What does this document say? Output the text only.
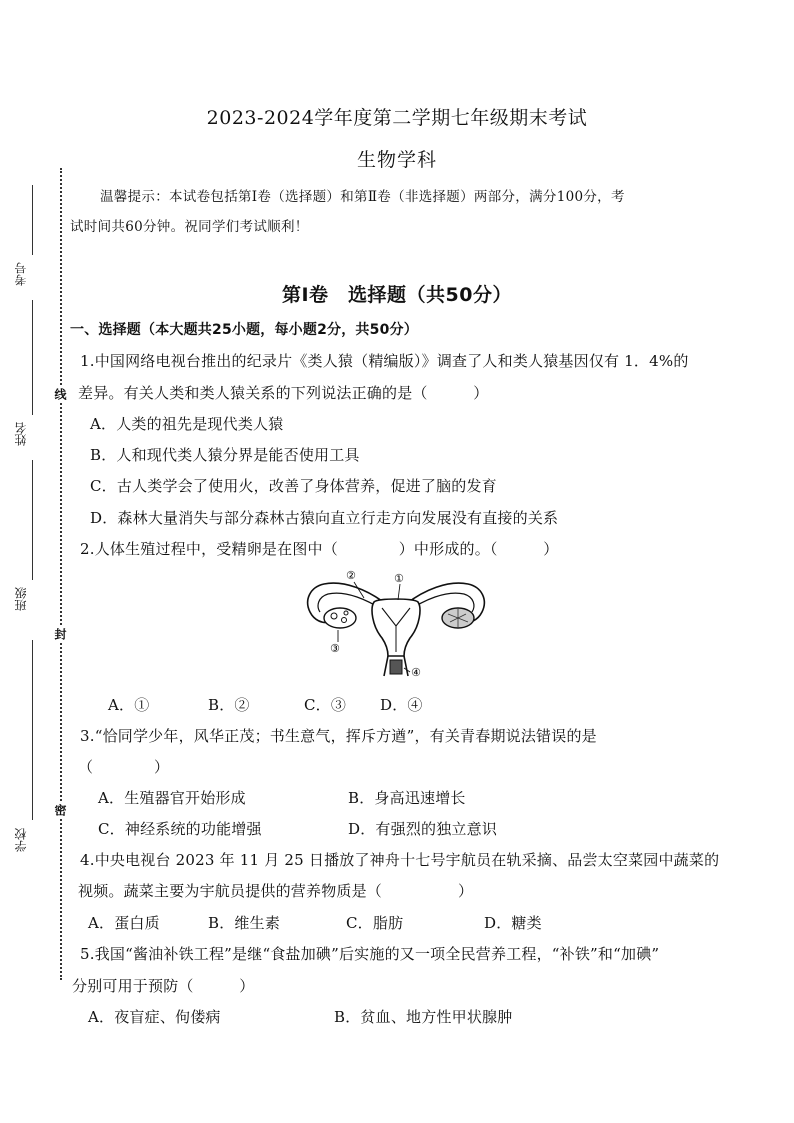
考号
姓名
班级
学校
线
封
密
2023-2024学年度第二学期七年级期末考试
生物学科
温馨提示：本试卷包括第Ⅰ卷（选择题）和第Ⅱ卷（非选择题）两部分，满分100分，考
试时间共60分钟。祝同学们考试顺利！
第Ⅰ卷　选择题（共50分）
一、选择题（本大题共25小题，每小题2分，共50分）
1.中国网络电视台推出的纪录片《类人猿（精编版）》调查了人和类人猿基因仅有 1．4%的
差异。有关人类和类人猿关系的下列说法正确的是（　　　）
A．人类的祖先是现代类人猿
B．人和现代类人猿分界是能否使用工具
C．古人类学会了使用火，改善了身体营养，促进了脑的发育
D．森林大量消失与部分森林古猿向直立行走方向发展没有直接的关系
2.人体生殖过程中，受精卵是在图中（　　　　）中形成的。（　　　）
①
②
③
④
A．①	B．②	C．③ D．④
3.“恰同学少年，风华正茂；书生意气，挥斥方遒”，有关青春期说法错误的是
（　　　　）
A．生殖器官开始形成	B．身高迅速增长
C．神经系统的功能增强	D．有强烈的独立意识
4.中央电视台 2023 年 11 月 25 日播放了神舟十七号宇航员在轨采摘、品尝太空菜园中蔬菜的
视频。蔬菜主要为宇航员提供的营养物质是（　　　　　）
A．蛋白质	B．维生素	C．脂肪	D．糖类
5.我国“酱油补铁工程”是继“食盐加碘”后实施的又一项全民营养工程，“补铁”和“加碘”
分别可用于预防（　　　）
A．夜盲症、佝偻病	B．贫血、地方性甲状腺肿
